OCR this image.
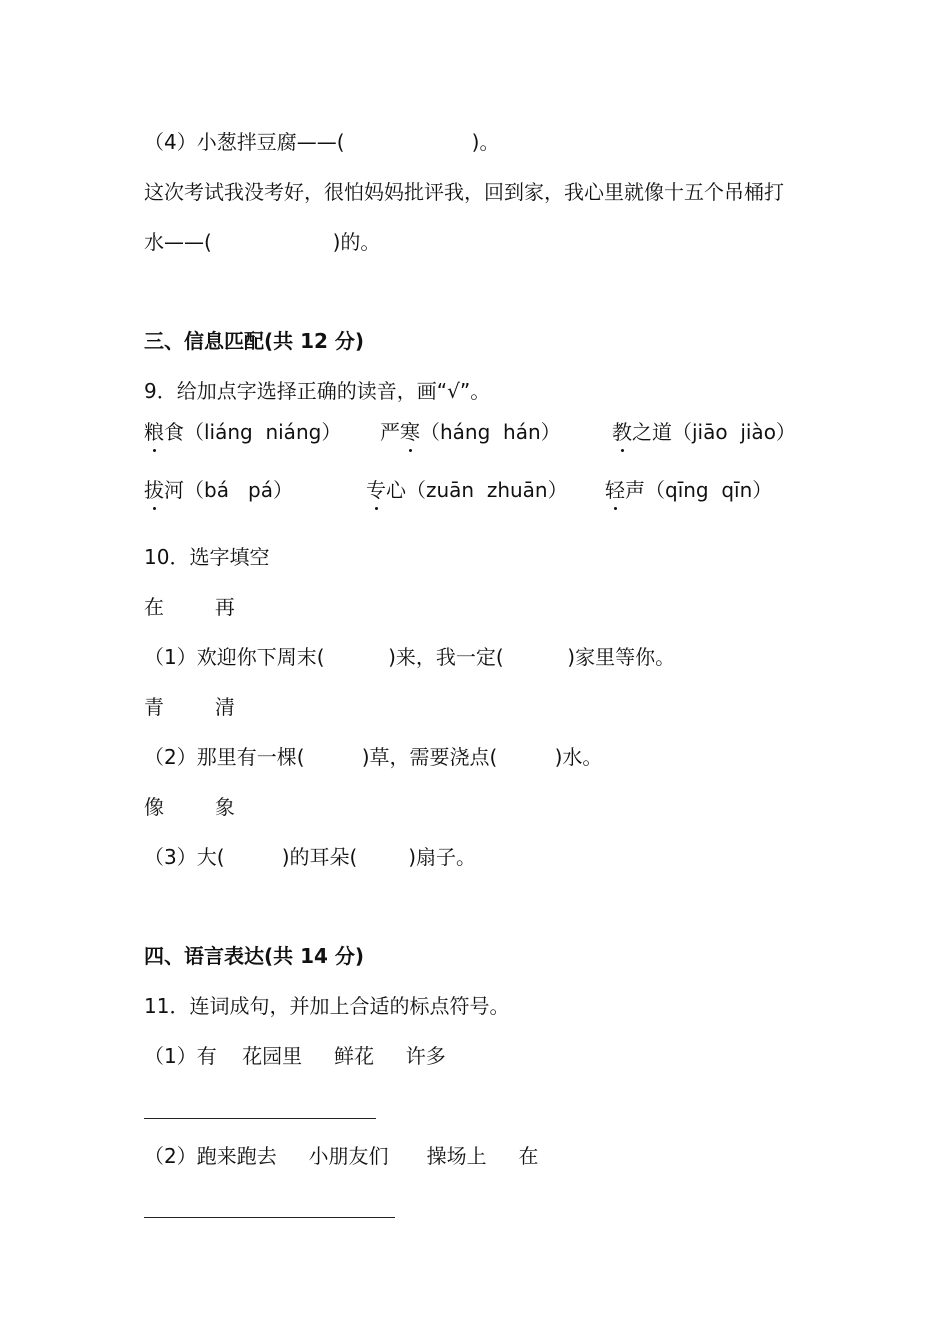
（4）小葱拌豆腐——(                    )。
这次考试我没考好，很怕妈妈批评我，回到家，我心里就像十五个吊桶打
水——(                   )的。
三、信息匹配(共 12 分)
9．给加点字选择正确的读音，画“√”。
粮食（liáng  niáng） 严寒（háng  hán）	教之道（jiāo  jiào）
拔河（bá   pá）	专心（zuān  zhuān） 轻声（qīng  qīn）
10．选字填空
在        再
（1）欢迎你下周末(          )来，我一定(          )家里等你。
青        清
（2）那里有一棵(         )草，需要浇点(         )水。
像        象
（3）大(         )的耳朵(        )扇子。
四、语言表达(共 14 分)
11．连词成句，并加上合适的标点符号。
（1）有    花园里     鲜花     许多
（2）跑来跑去     小朋友们      操场上     在
